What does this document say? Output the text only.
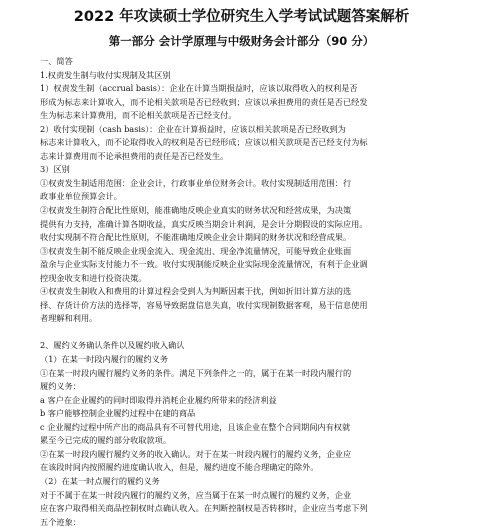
2022 年攻读硕士学位研究生入学考试试题答案解析
第一部分 会计学原理与中级财务会计部分（90 分）
一、简答
1.权责发生制与收付实现制及其区别
1）权责发生制（accrual basis）：企业在计算当期损益时，应该以取得收入的权利是否
形成为标志来计算收入，而不论相关款项是否已经收到；应该以承担费用的责任是否已经发
生为标志来计算费用，而不论相关款项是否已经支付。
2）收付实现制（cash basis）：企业在计算损益时，应该以相关款项是否已经收到为
标志来计算收入，而不论取得收入的权利是否已经形成；应该以相关款项是否已经支付为标
志来计算费用而不论承担费用的责任是否已经发生。
3）区别
①权责发生制适用范围：企业会计，行政事业单位财务会计。收付实现制适用范围：行
政事业单位预算会计。
②权责发生制符合配比性原则，能准确地反映企业真实的财务状况和经营成果，为决策
提供有力支持，准确计算各期收益，真实反映当期会计利润，是会计分期假设的实际应用。
收付实现制不符合配比性原则，不能准确地反映企业会计期间的财务状况和经营成果。
③权责发生制不能反映企业现金流入、现金流出、现金净流量情况，可能导致企业账面
盈余与企业实际支付能力不一致。收付实现制能反映企业实际现金流量情况，有利于企业调
控现金收支和进行投资决策。
④权责发生制收入和费用的计算过程会受到人为判断因素干扰，例如折旧计算方法的选
择、存货计价方法的选择等，容易导致据盘信息失真，收付实现制数据客观，易于信息使用
者理解和利用。
2、履约义务确认条件以及履约收入确认
（1）在某一时段内履行的履约义务
①在某一时段内履行履约义务的条件。满足下列条件之一的，属于在某一时段内履行的
履约义务：
a 客户在企业履约的同时即取得并消耗企业履约所带来的经济利益
b 客户能够控制企业履约过程中在建的商品
c 企业履约过程中所产出的商品具有不可替代用途，且该企业在整个合同期间内有权就
累至今已完成的履约部分收取款项。
②在某一时段内履行履约义务的收入确认。对于在某一时段内履行的履约义务，企业应
在该段时间内按照履约进度确认收入，但是，履约进度不能合理确定的除外。
（2）在某一时点履行的履约义务
对于不属于在某一时段内履行的履约义务，应当属于在某一时点履行的履约义务，企业
应在客户取得相关商品控制权时点确认收入。在判断控制权是否转移时，企业应当考虑下列
五个迹象：
